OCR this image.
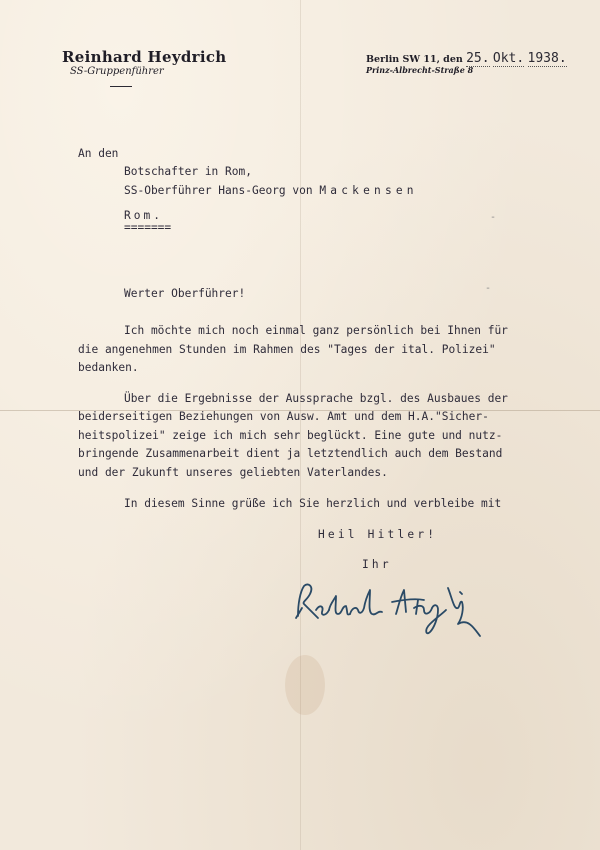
Reinhard Heydrich
SS-Gruppenführer
Berlin SW 11, den 25. Okt. 1938.
Prinz-Albrecht-Straße 8
An den
Botschafter in Rom,
SS-Oberführer Hans-Georg von Mackensen
Rom.
=======
Werter Oberführer!
Ich möchte mich noch einmal ganz persönlich bei Ihnen für
die angenehmen Stunden im Rahmen des "Tages der ital. Polizei"
bedanken.
Über die Ergebnisse der Aussprache bzgl. des Ausbaues der
beiderseitigen Beziehungen von Ausw. Amt und dem H.A."Sicher-
heitspolizei" zeige ich mich sehr beglückt. Eine gute und nutz-
bringende Zusammenarbeit dient ja letztendlich auch dem Bestand
und der Zukunft unseres geliebten Vaterlandes.
In diesem Sinne grüße ich Sie herzlich und verbleibe mit
Heil Hitler!
Ihr
-
-
